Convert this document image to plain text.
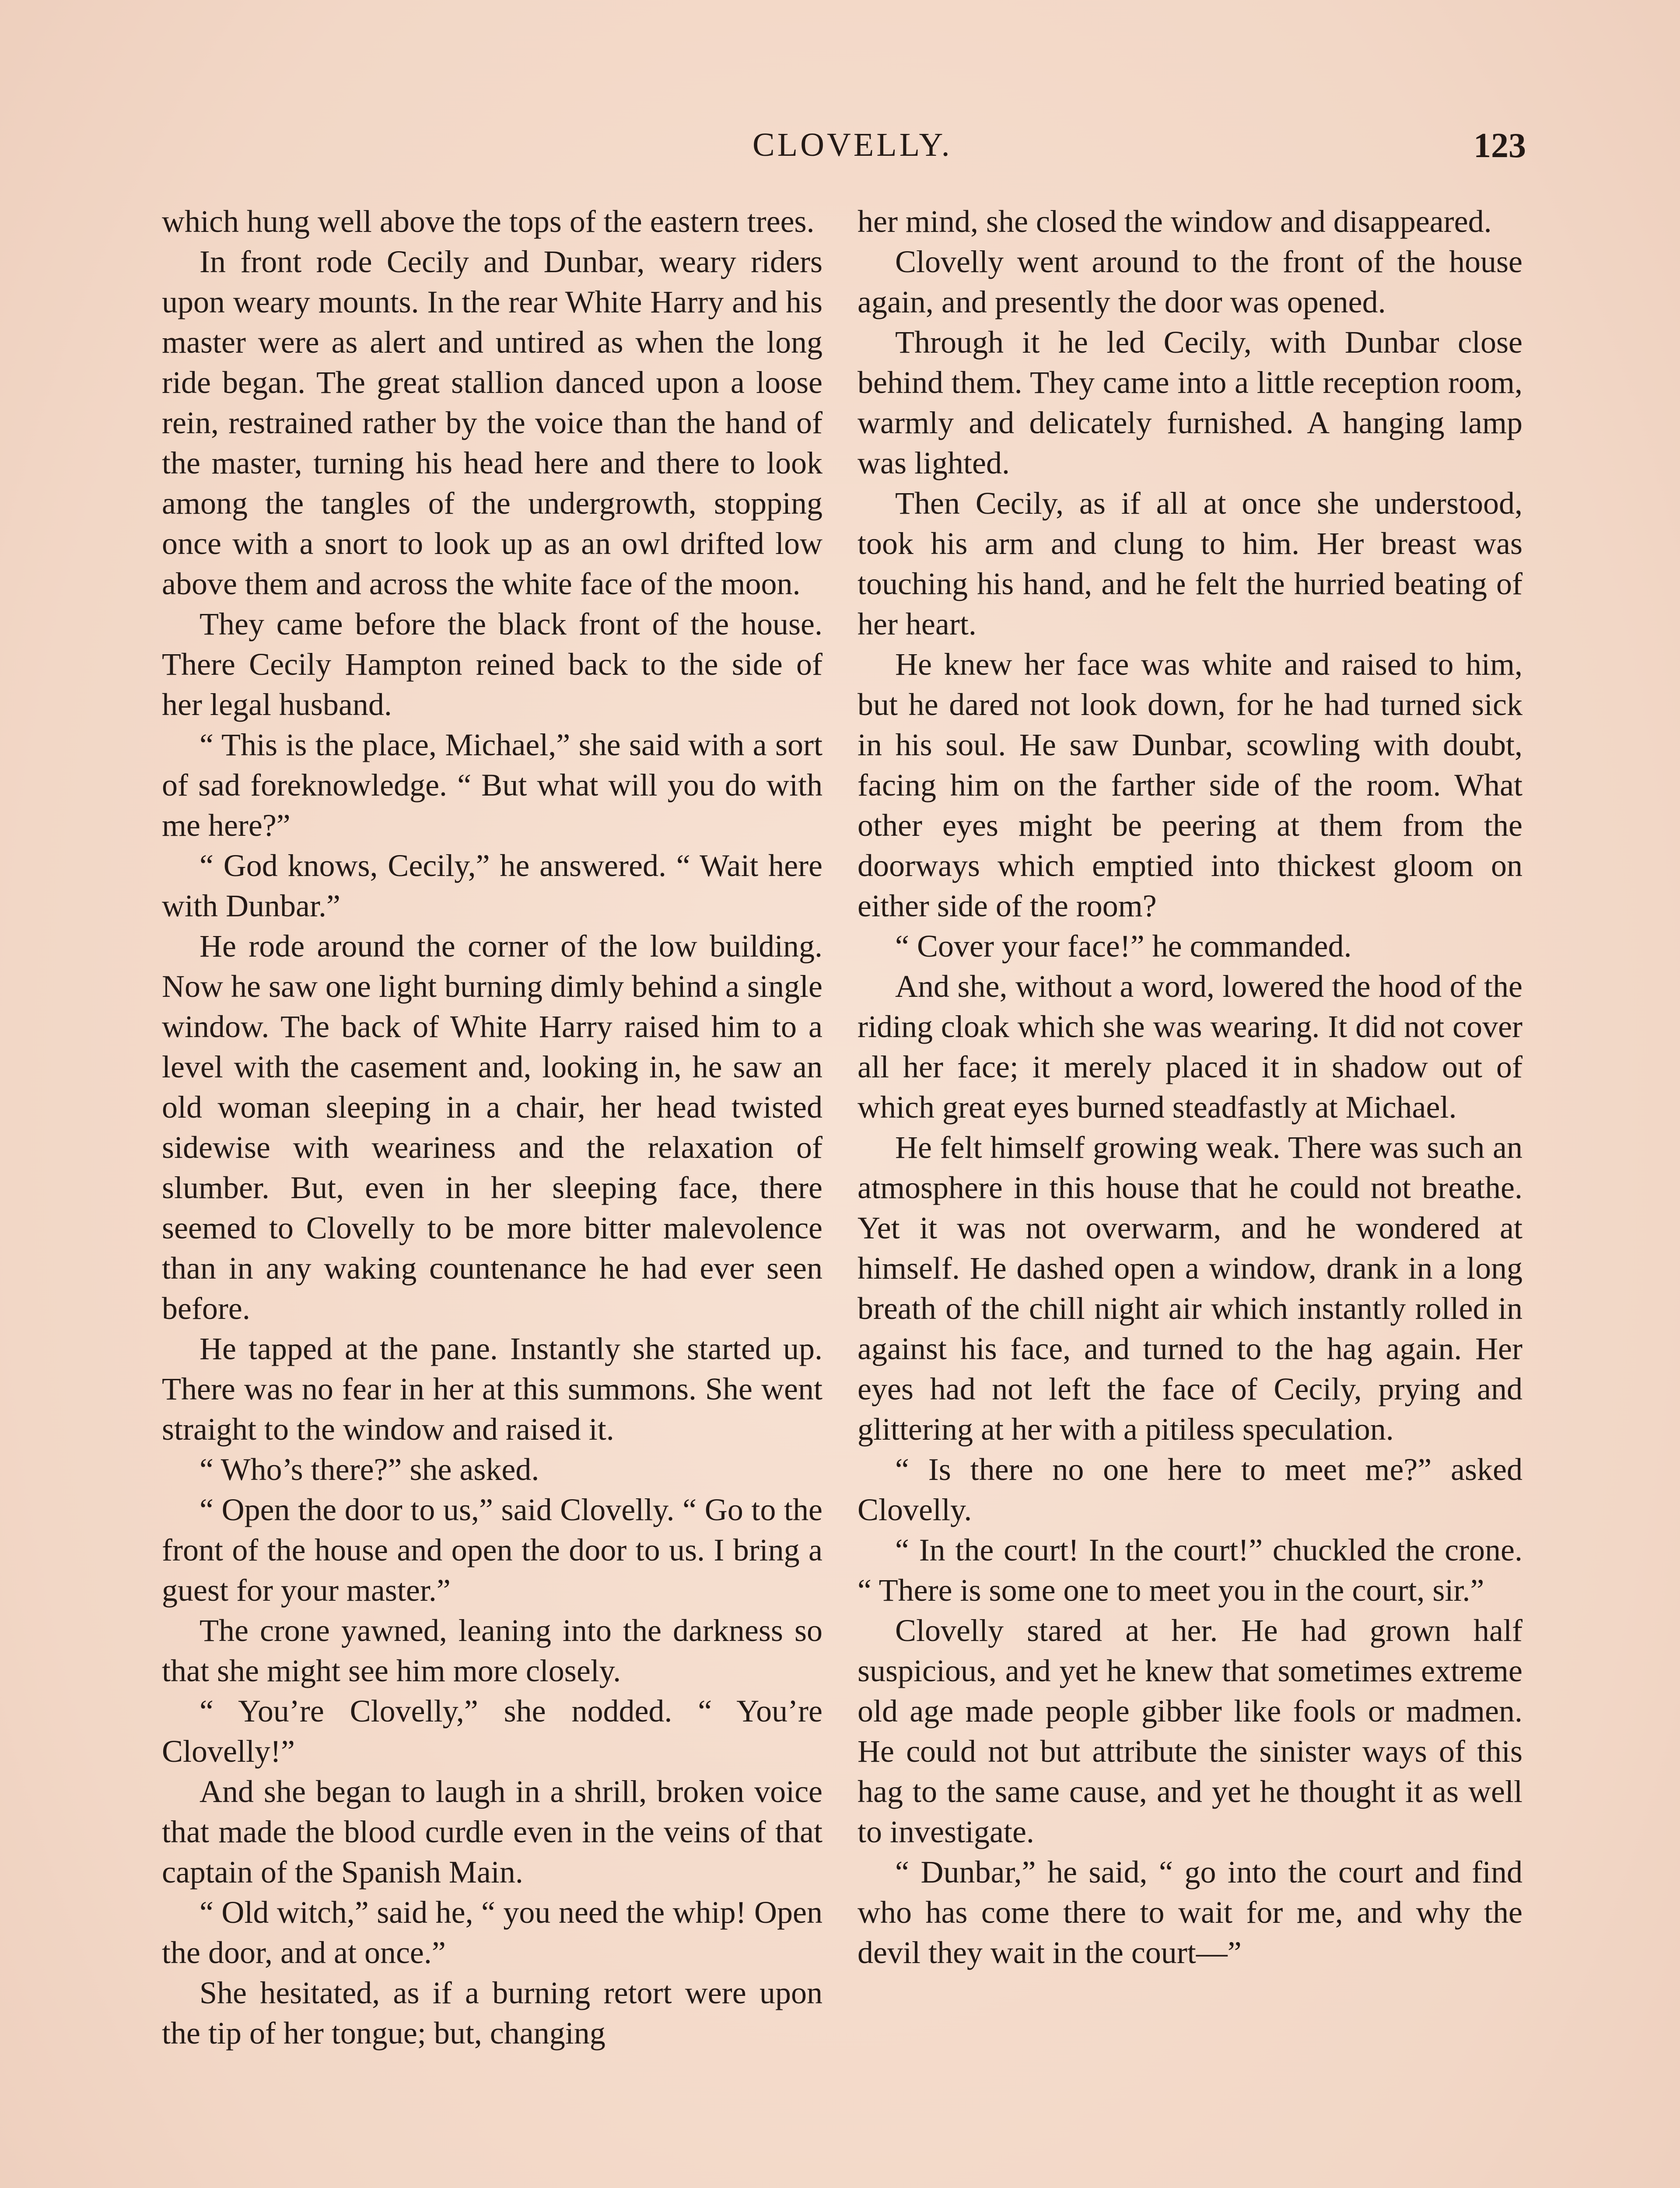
CLOVELLY.	123

which hung well above the tops of the eastern trees.

In front rode Cecily and Dunbar, weary riders upon weary mounts. In the rear White Harry and his master were as alert and untired as when the long ride began. The great stallion danced upon a loose rein, restrained rather by the voice than the hand of the master, turning his head here and there to look among the tangles of the undergrowth, stopping once with a snort to look up as an owl drifted low above them and across the white face of the moon.

They came before the black front of the house. There Cecily Hampton reined back to the side of her legal husband.

“ This is the place, Michael,” she said with a sort of sad foreknowledge. “ But what will you do with me here?”

“ God knows, Cecily,” he answered. “ Wait here with Dunbar.”

He rode around the corner of the low building. Now he saw one light burning dimly behind a single window. The back of White Harry raised him to a level with the casement and, looking in, he saw an old woman sleeping in a chair, her head twisted sidewise with weariness and the relaxation of slumber. But, even in her sleeping face, there seemed to Clovelly to be more bitter malevolence than in any waking countenance he had ever seen before.

He tapped at the pane. Instantly she started up. There was no fear in her at this summons. She went straight to the window and raised it.

“ Who’s there?” she asked.

“ Open the door to us,” said Clovelly. “ Go to the front of the house and open the door to us. I bring a guest for your master.”

The crone yawned, leaning into the darkness so that she might see him more closely.

“ You’re Clovelly,” she nodded. “ You’re Clovelly!”

And she began to laugh in a shrill, broken voice that made the blood curdle even in the veins of that captain of the Spanish Main.

“ Old witch,” said he, “ you need the whip! Open the door, and at once.”

She hesitated, as if a burning retort were upon the tip of her tongue; but, changing

her mind, she closed the window and disappeared.

Clovelly went around to the front of the house again, and presently the door was opened.

Through it he led Cecily, with Dunbar close behind them. They came into a little reception room, warmly and delicately furnished. A hanging lamp was lighted.

Then Cecily, as if all at once she understood, took his arm and clung to him. Her breast was touching his hand, and he felt the hurried beating of her heart.

He knew her face was white and raised to him, but he dared not look down, for he had turned sick in his soul. He saw Dunbar, scowling with doubt, facing him on the farther side of the room. What other eyes might be peering at them from the doorways which emptied into thickest gloom on either side of the room?

“ Cover your face!” he commanded.

And she, without a word, lowered the hood of the riding cloak which she was wearing. It did not cover all her face; it merely placed it in shadow out of which great eyes burned steadfastly at Michael.

He felt himself growing weak. There was such an atmosphere in this house that he could not breathe. Yet it was not overwarm, and he wondered at himself. He dashed open a window, drank in a long breath of the chill night air which instantly rolled in against his face, and turned to the hag again. Her eyes had not left the face of Cecily, prying and glittering at her with a pitiless speculation.

“ Is there no one here to meet me?” asked Clovelly.

“ In the court! In the court!” chuckled the crone. “ There is some one to meet you in the court, sir.”

Clovelly stared at her. He had grown half suspicious, and yet he knew that sometimes extreme old age made people gibber like fools or madmen. He could not but attribute the sinister ways of this hag to the same cause, and yet he thought it as well to investigate.

“ Dunbar,” he said, “ go into the court and find who has come there to wait for me, and why the devil they wait in the court—”
